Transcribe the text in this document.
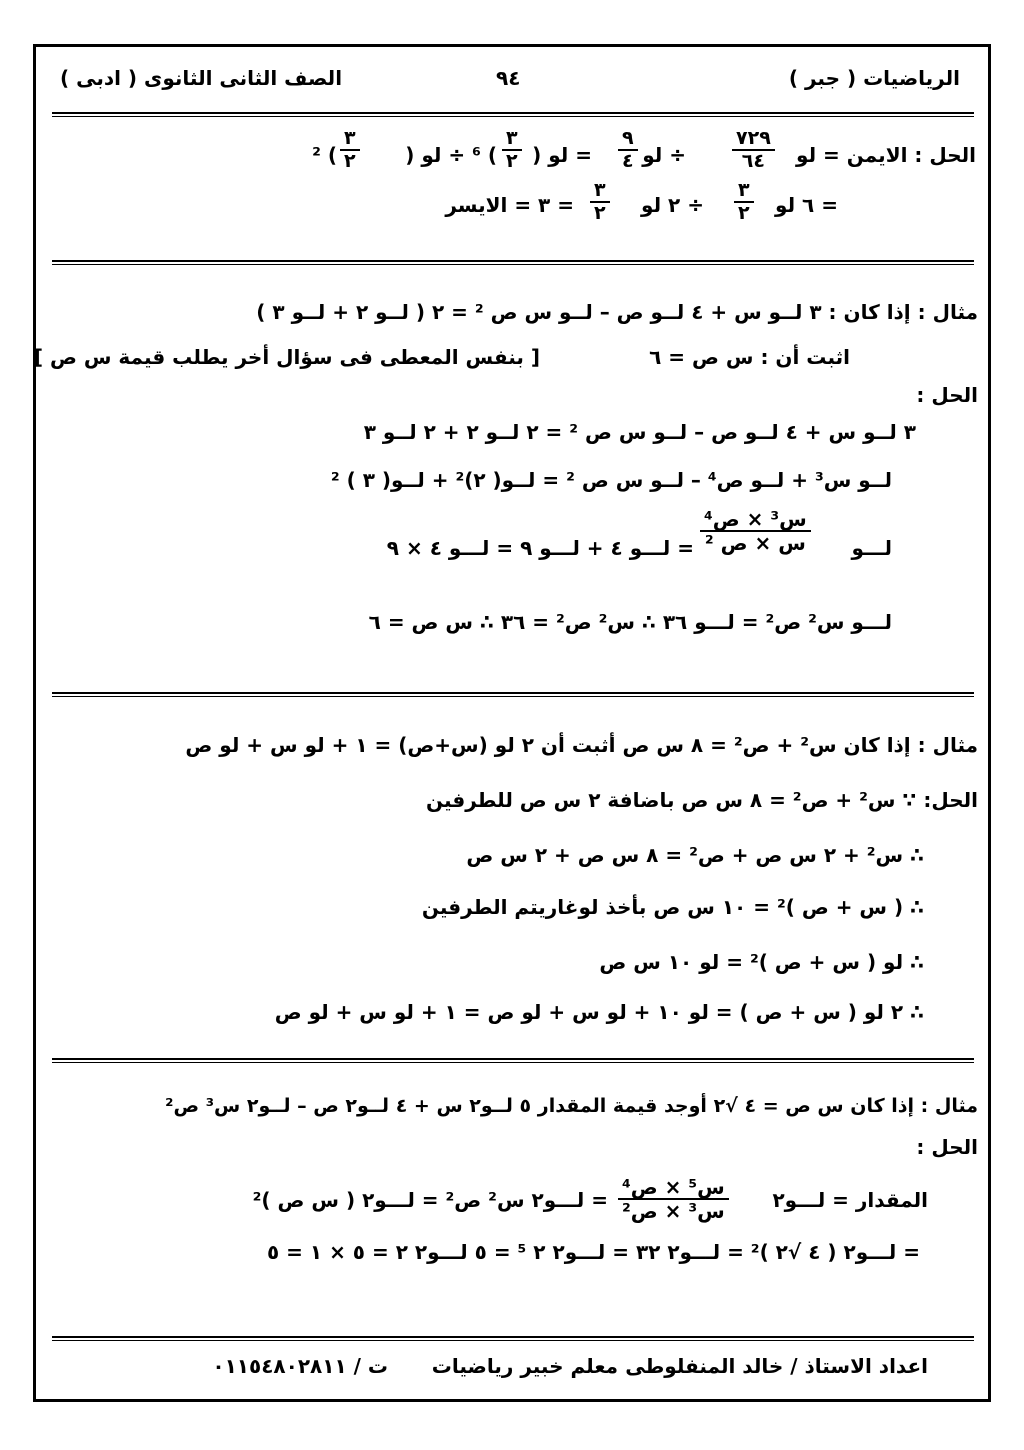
الرياضيات ( جبر )
٩٤
الصف الثانى الثانوى ( ادبى )
الحل : الايمن = لو
٧٢٩
٦٤
÷ لو
٩
٤
= لو (
٣
٢
) ⁶ ÷ لو (
٣
٢
) ²
= ٦ لو
٣
٢
÷ ٢ لو
٣
٢
= ٣ = الايسر
مثال : إذا كان : ٣ لــو س + ٤ لــو ص – لــو س ص ² = ٢ ( لــو ٢ + لــو ٣ )
اثبت أن : س ص = ٦
[ بنفس المعطى فى سؤال أخر يطلب قيمة س ص ]
الحل :
٣ لــو س + ٤ لــو ص – لــو س ص ² = ٢ لــو ٢ + ٢ لــو ٣
لــو س³ + لــو ص⁴ – لــو س ص ² = لــو( ٢)² + لــو( ٣ ) ²
لـــو
س³ × ص⁴
س × ص ²
= لـــو ٤ + لـــو ٩ = لـــو ٤ × ٩
لـــو س² ص² = لـــو ٣٦ ∴ س² ص² = ٣٦ ∴ س ص = ٦
مثال : إذا كان س² + ص² = ٨ س ص أثبت أن ٢ لو (س+ص) = ١ + لو س + لو ص
الحل: ∵ س² + ص² = ٨ س ص باضافة ٢ س ص للطرفين
∴ س² + ٢ س ص + ص² = ٨ س ص + ٢ س ص
∴ ( س + ص )² = ١٠ س ص بأخذ لوغاريتم الطرفين
∴ لو ( س + ص )² = لو ١٠ س ص
∴ ٢ لو ( س + ص ) = لو ١٠ + لو س + لو ص = ١ + لو س + لو ص
مثال : إذا كان س ص = ٤ √٢ أوجد قيمة المقدار ٥ لــو٢ س + ٤ لــو٢ ص – لــو٢ س³ ص²
الحل :
المقدار = لـــو٢
س⁵ × ص⁴
س³ × ص²
= لـــو٢ س² ص² = لـــو٢ ( س ص )²
= لـــو٢ ( ٤ √٢ )² = لـــو٢ ٣٢ = لـــو٢ ٢ ⁵ = ٥ لـــو٢ ٢ = ٥ × ١ = ٥
اعداد الاستاذ / خالد المنفلوطى
معلم خبير رياضيات
ت / ٠١١٥٤٨٠٢٨١١
